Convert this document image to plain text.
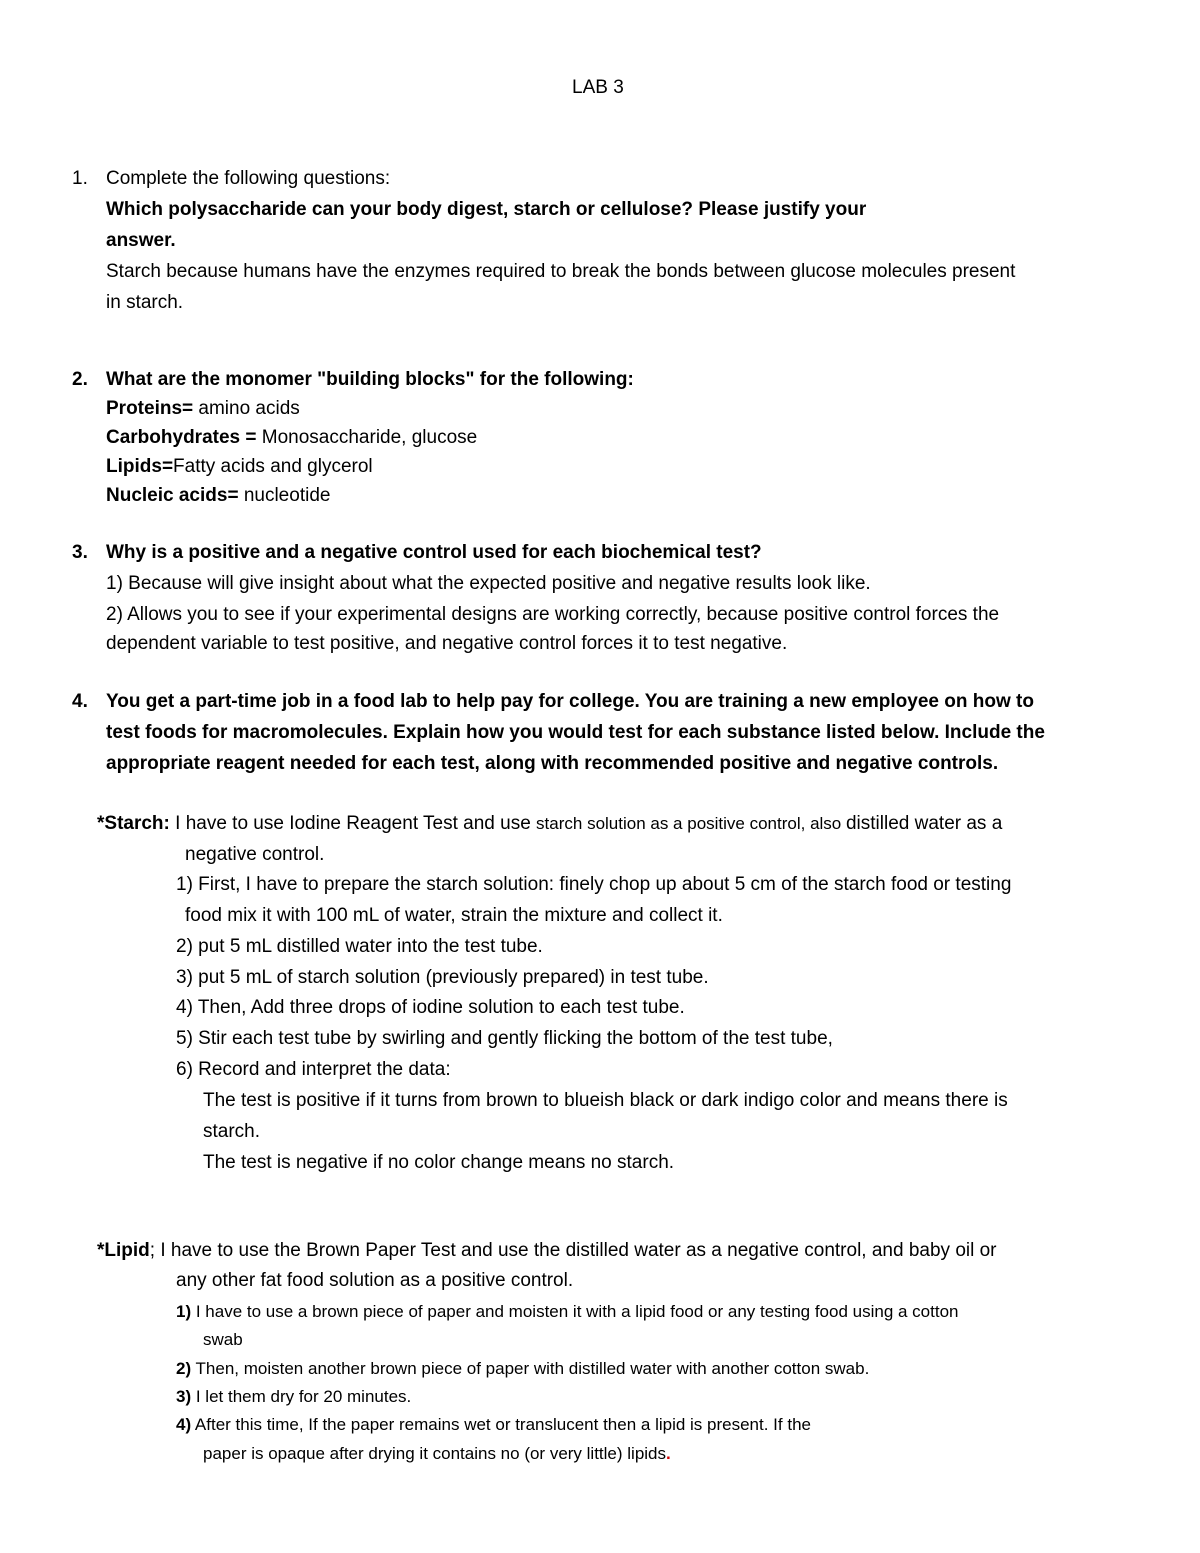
LAB 3
1. Complete the following questions:
Which polysaccharide can your body digest, starch or cellulose? Please justify your
answer.
Starch because humans have the enzymes required to break the bonds between glucose molecules present
in starch.
2. What are the monomer "building blocks" for the following:
Proteins= amino acids
Carbohydrates = Monosaccharide, glucose
Lipids=Fatty acids and glycerol
Nucleic acids= nucleotide
3. Why is a positive and a negative control used for each biochemical test?
1) Because will give insight about what the expected positive and negative results look like.
2) Allows you to see if your experimental designs are working correctly, because positive control forces the
dependent variable to test positive, and negative control forces it to test negative.
4. You get a part-time job in a food lab to help pay for college. You are training a new employee on how to
test foods for macromolecules. Explain how you would test for each substance listed below. Include the
appropriate reagent needed for each test, along with recommended positive and negative controls.
*Starch: I have to use Iodine Reagent Test and use starch solution as a positive control, also distilled water as a
negative control.
1) First, I have to prepare the starch solution: finely chop up about 5 cm of the starch food or testing
food mix it with 100 mL of water, strain the mixture and collect it.
2) put 5 mL distilled water into the test tube.
3) put 5 mL of starch solution (previously prepared) in test tube.
4) Then, Add three drops of iodine solution to each test tube.
5) Stir each test tube by swirling and gently flicking the bottom of the test tube,
6) Record and interpret the data:
The test is positive if it turns from brown to blueish black or dark indigo color and means there is
starch.
The test is negative if no color change means no starch.
*Lipid; I have to use the Brown Paper Test and use the distilled water as a negative control, and baby oil or
any other fat food solution as a positive control.
1) I have to use a brown piece of paper and moisten it with a lipid food or any testing food using a cotton
swab
2) Then, moisten another brown piece of paper with distilled water with another cotton swab.
3) I let them dry for 20 minutes.
4) After this time, If the paper remains wet or translucent then a lipid is present. If the
paper is opaque after drying it contains no (or very little) lipids.
